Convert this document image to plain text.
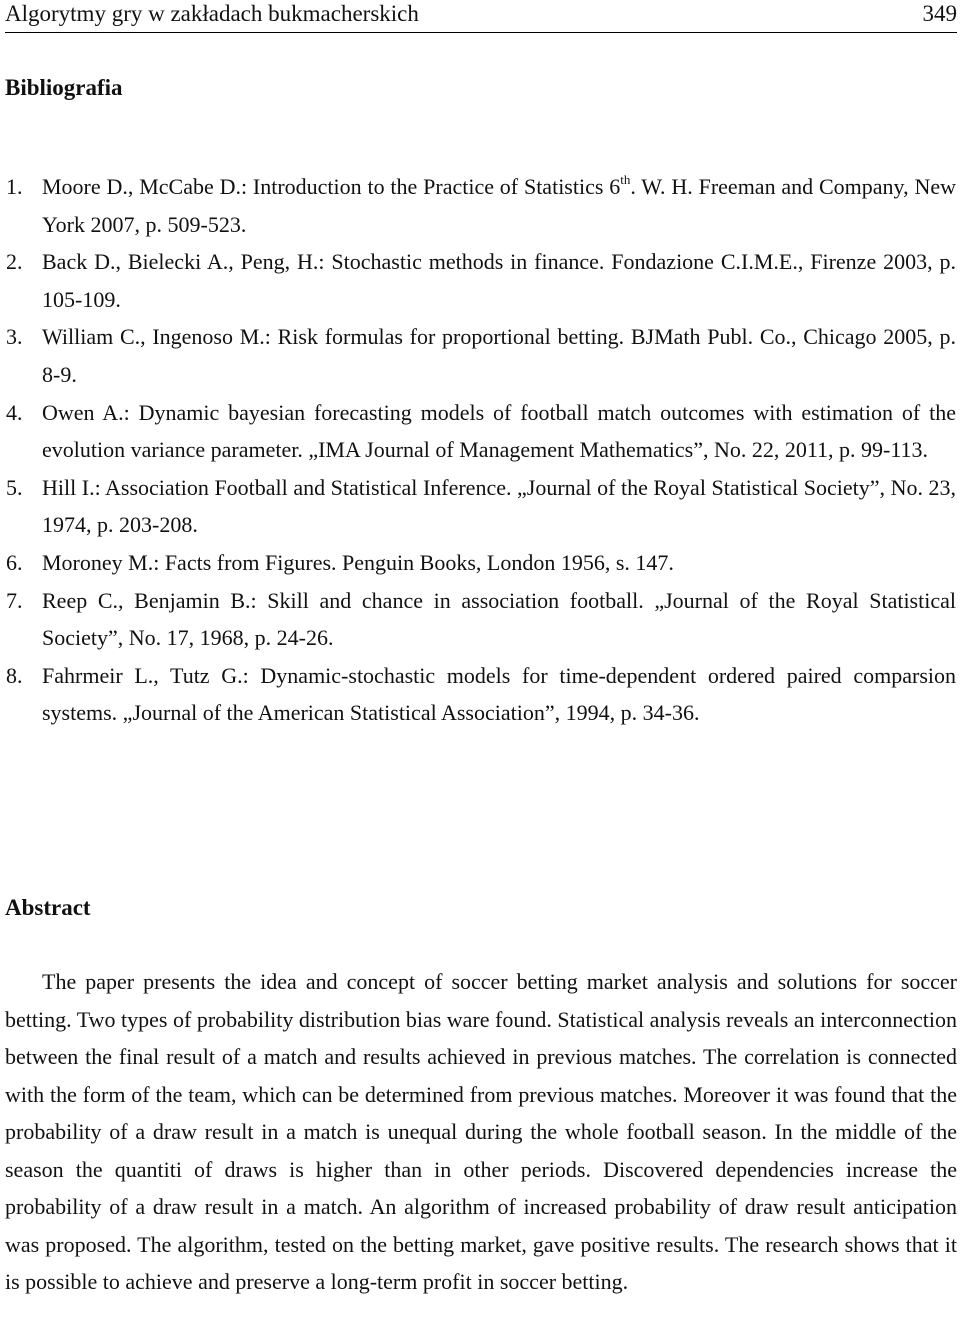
Algorytmy gry w zakładach bukmacherskich	349
Bibliografia
1. Moore D., McCabe D.: Introduction to the Practice of Statistics 6th. W. H. Freeman and Company, New York 2007, p. 509-523.
2. Back D., Bielecki A., Peng, H.: Stochastic methods in finance. Fondazione C.I.M.E., Firenze 2003, p. 105-109.
3. William C., Ingenoso M.: Risk formulas for proportional betting. BJMath Publ. Co., Chicago 2005, p. 8-9.
4. Owen A.: Dynamic bayesian forecasting models of football match outcomes with estimation of the evolution variance parameter. „IMA Journal of Management Mathematics”, No. 22, 2011, p. 99-113.
5. Hill I.: Association Football and Statistical Inference. „Journal of the Royal Statistical Society”, No. 23, 1974, p. 203-208.
6. Moroney M.: Facts from Figures. Penguin Books, London 1956, s. 147.
7. Reep C., Benjamin B.: Skill and chance in association football. „Journal of the Royal Statistical Society”, No. 17, 1968, p. 24-26.
8. Fahrmeir L., Tutz G.: Dynamic-stochastic models for time-dependent ordered paired comparsion systems. „Journal of the American Statistical Association”, 1994, p. 34-36.
Abstract

The paper presents the idea and concept of soccer betting market analysis and solutions for soccer betting. Two types of probability distribution bias ware found. Statistical analysis reveals an interconnection between the final result of a match and results achieved in previous matches. The correlation is connected with the form of the team, which can be determined from previous matches. Moreover it was found that the probability of a draw result in a match is unequal during the whole football season. In the middle of the season the quantiti of draws is higher than in other periods. Discovered dependencies increase the probability of a draw result in a match. An algorithm of increased probability of draw result anticipation was proposed. The algorithm, tested on the betting market, gave positive results. The research shows that it is possible to achieve and preserve a long-term profit in soccer betting.
